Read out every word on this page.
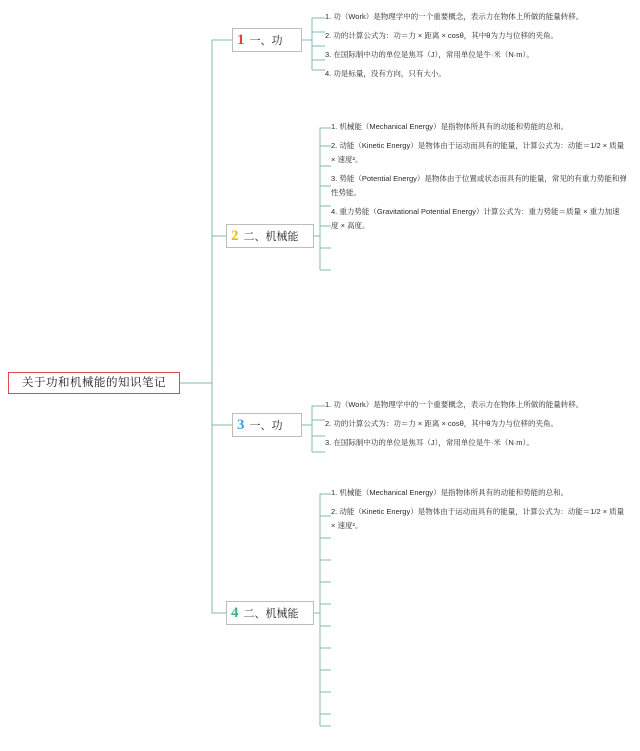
关于功和机械能的知识笔记
1 一、功
2 二、机械能
3 一、功
4 二、机械能

1. 功（Work）是物理学中的一个重要概念，表示力在物体上所做的能量转移。

2. 功的计算公式为：功＝力 × 距离 × cosθ，其中θ为力与位移的夹角。

3. 在国际制中功的单位是焦耳（J），常用单位是牛·米（N·m）。

4. 功是标量，没有方向，只有大小。

1. 机械能（Mechanical Energy）是指物体所具有的动能和势能的总和。

2. 动能（Kinetic Energy）是物体由于运动而具有的能量，计算公式为：动能＝1/2 × 质量 × 速度²。

3. 势能（Potential Energy）是物体由于位置或状态而具有的能量，常见的有重力势能和弹性势能。

4. 重力势能（Gravitational Potential Energy）计算公式为：重力势能＝质量 × 重力加速度 × 高度。

1. 功（Work）是物理学中的一个重要概念，表示力在物体上所做的能量转移。

2. 功的计算公式为：功＝力 × 距离 × cosθ，其中θ为力与位移的夹角。

3. 在国际制中功的单位是焦耳（J），常用单位是牛·米（N·m）。

1. 机械能（Mechanical Energy）是指物体所具有的动能和势能的总和。

2. 动能（Kinetic Energy）是物体由于运动而具有的能量，计算公式为：动能＝1/2 × 质量 × 速度²。
